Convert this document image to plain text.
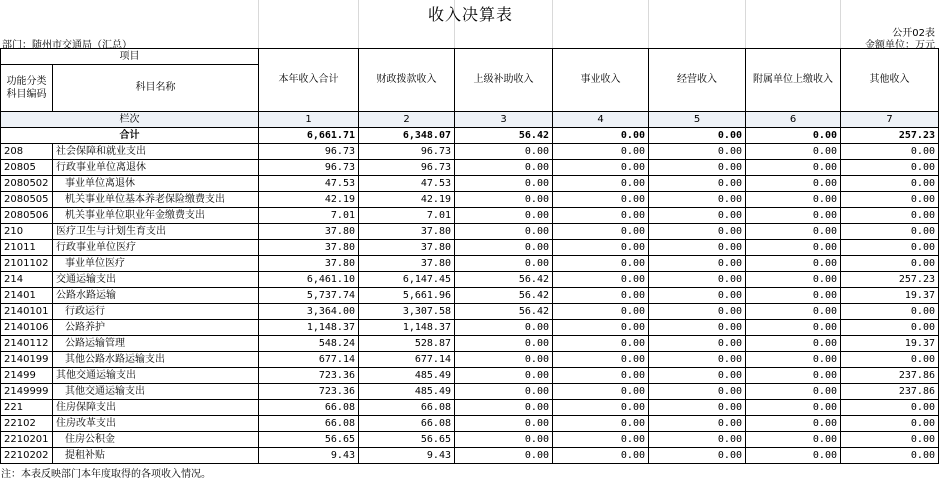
收入决算表
公开02表
部门：随州市交通局（汇总）	金额单位：万元
项目		本年收入合计	财政拨款收入	上级补助收入	事业收入	经营收入	附属单位上缴收入	其他收入
功能分类科目编码	科目名称							
栏次		1	2	3	4	5	6	7
合计		6,661.71	6,348.07	56.42	0.00	0.00	0.00	257.23
208	社会保障和就业支出	96.73	96.73	0.00	0.00	0.00	0.00	0.00
20805	行政事业单位离退休	96.73	96.73	0.00	0.00	0.00	0.00	0.00
2080502	事业单位离退休	47.53	47.53	0.00	0.00	0.00	0.00	0.00
2080505	机关事业单位基本养老保险缴费支出	42.19	42.19	0.00	0.00	0.00	0.00	0.00
2080506	机关事业单位职业年金缴费支出	7.01	7.01	0.00	0.00	0.00	0.00	0.00
210	医疗卫生与计划生育支出	37.80	37.80	0.00	0.00	0.00	0.00	0.00
21011	行政事业单位医疗	37.80	37.80	0.00	0.00	0.00	0.00	0.00
2101102	事业单位医疗	37.80	37.80	0.00	0.00	0.00	0.00	0.00
214	交通运输支出	6,461.10	6,147.45	56.42	0.00	0.00	0.00	257.23
21401	公路水路运输	5,737.74	5,661.96	56.42	0.00	0.00	0.00	19.37
2140101	行政运行	3,364.00	3,307.58	56.42	0.00	0.00	0.00	0.00
2140106	公路养护	1,148.37	1,148.37	0.00	0.00	0.00	0.00	0.00
2140112	公路运输管理	548.24	528.87	0.00	0.00	0.00	0.00	19.37
2140199	其他公路水路运输支出	677.14	677.14	0.00	0.00	0.00	0.00	0.00
21499	其他交通运输支出	723.36	485.49	0.00	0.00	0.00	0.00	237.86
2149999	其他交通运输支出	723.36	485.49	0.00	0.00	0.00	0.00	237.86
221	住房保障支出	66.08	66.08	0.00	0.00	0.00	0.00	0.00
22102	住房改革支出	66.08	66.08	0.00	0.00	0.00	0.00	0.00
2210201	住房公积金	56.65	56.65	0.00	0.00	0.00	0.00	0.00
2210202	提租补贴	9.43	9.43	0.00	0.00	0.00	0.00	0.00
注：本表反映部门本年度取得的各项收入情况。
